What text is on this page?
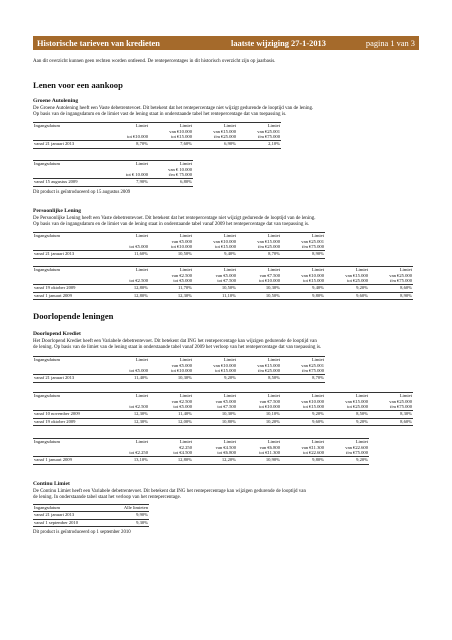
Historische tarieven van kredieten	laatste wijziging 27-1-2013	pagina 1 van 3
Aan dit overzicht kunnen geen rechten worden ontleend. De rentepercentages in dit historisch overzicht zijn op jaarbasis.
Lenen voor een aankoop
Groene Autolening
De Groene Autolening heeft een Vaste debetrentevoet. Dit betekent dat het rentepercentage niet wijzigt gedurende de looptijd van de lening.
Op basis van de ingangsdatum en de limiet vast de lening staat in onderstaande tabel het rentepercentage dat van toepassing is.
Ingangsdatum	Limiet	Limiet	Limiet	Limiet
		van €10.000	van €15.000	van €25.001
	tot €10.000	tot €15.000	t/m €25.000	t/m €75.000
vanaf 21 januari 2013	8,70%	7,60%	6,90%	2,10%
Ingangsdatum	Limiet	Limiet
		van € 10.000
	tot € 10.000	t/m € 75.000
vanaf 15 augustus 2009	7,90%	6,80%
Dit product is geïntroduceerd op 15 augustus 2009
Persoonlijke Lening
De Persoonlijke Lening heeft een Vaste debetrentevoet. Dit betekent dat het rentepercentage niet wijzigt gedurende de looptijd van de lening.
Op basis van de ingangsdatum en de limiet van de lening staat in onderstaande tabel vanaf 2009 het rentepercentage dat van toepassing is.
Ingangsdatum	Limiet	Limiet	Limiet	Limiet	Limiet
		van €5.000	van €10.000	van €15.000	van €25.001
	tot €5.000	tot €10.000	tot €15.000	t/m €25.000	t/m €75.000
vanaf 21 januari 2013	11,60%	10,50%	9,40%	8,70%	8,90%
Ingangsdatum	Limiet	Limiet	Limiet	Limiet	Limiet	Limiet	Limiet
		van €2.500	van €5.000	van €7.500	van €10.000	van €15.000	van €25.000
	tot €2.500	tot €5.000	tot €7.500	tot €10.000	tot €15.000	tot €25.000	t/m €75.000
vanaf 19 oktober 2009	12,80%	11,70%	10,50%	10,30%	9,40%	9,20%	8,60%
vanaf 1 januari 2009	12,80%	12,30%	11,10%	10,50%	9,80%	9,60%	8,90%
Doorlopende leningen
Doorlopend Krediet
Het Doorlopend Krediet heeft een Variabele debetrentevoet. Dit betekent dat ING het rentepercentage kan wijzigen gedurende de looptijd van
de lening. Op basis van de limiet van de lening staat in onderstaande tabel vanaf 2009 het verloop van het rentepercentage dat van toepassing is.
Ingangsdatum	Limiet	Limiet	Limiet	Limiet	Limiet
		van €5.000	van €10.000	van €15.000	van €25.001
	tot €5.000	tot €10.000	tot €15.000	t/m €25.000	t/m €75.000
vanaf 21 januari 2013	11,40%	10,30%	9,20%	8,50%	8,70%
Ingangsdatum	Limiet	Limiet	Limiet	Limiet	Limiet	Limiet	Limiet
		van €2.500	van €5.000	van €7.500	van €10.000	van €15.000	van €25.000
	tot €2.500	tot €5.000	tot €7.500	tot €10.000	tot €15.000	tot €25.000	t/m €75.000
vanaf 10 november 2009	12,30%	11,40%	10,30%	10,10%	9,20%	8,50%	8,30%
vanaf 19 oktober 2009	12,30%	12,00%	10,80%	10,20%	9,60%	9,20%	8,60%
Ingangsdatum	Limiet	Limiet	Limiet	Limiet	Limiet	Limiet
		€2.250	van €4.500	van €6.800	van €11.300	van €22.600
	tot €2.250	tot €4.500	tot €6.800	tot €11.300	tot €22.600	t/m €75.000
vanaf 1 januari 2009	13,10%	12,80%	12,20%	10,90%	9,80%	9,20%
Continu Limiet
De Continu Limiet heeft een Variabele debetrentevoet. Dit betekent dat ING het rentepercentage kan wijzigen gedurende de looptijd van
de lening. In onderstaande tabel staat het verloop van het rentepercentage.
Ingangsdatum	Alle limieten

vanaf 21 januari 2013	9,90%
vanaf 1 september 2010	9,30%
Dit product is geïntroduceerd op 1 september 2010
